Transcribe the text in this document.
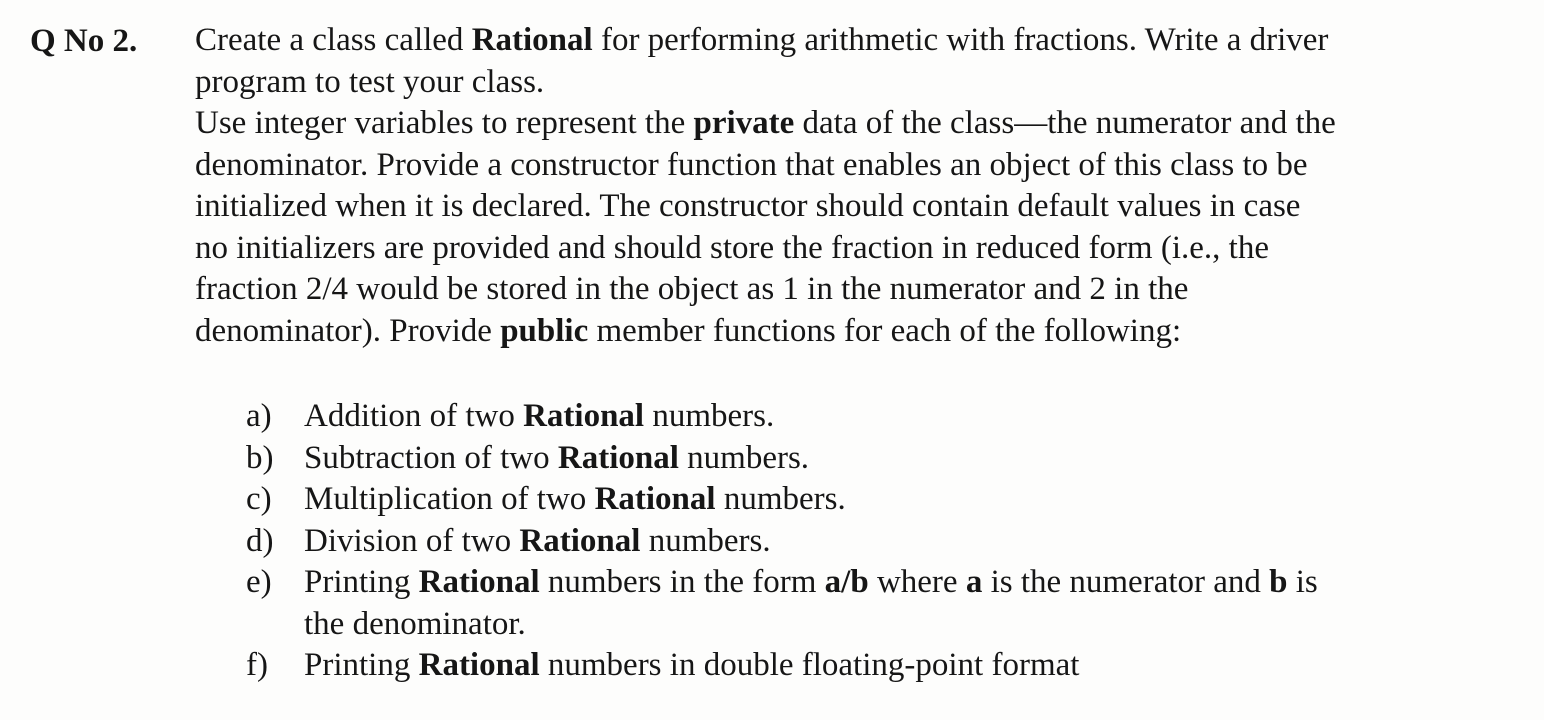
Q No 2. Create a class called Rational for performing arithmetic with fractions. Write a driver
program to test your class.
Use integer variables to represent the private data of the class—the numerator and the
denominator. Provide a constructor function that enables an object of this class to be
initialized when it is declared. The constructor should contain default values in case
no initializers are provided and should store the fraction in reduced form (i.e., the
fraction 2/4 would be stored in the object as 1 in the numerator and 2 in the
denominator). Provide public member functions for each of the following:
a) Addition of two Rational numbers.
b) Subtraction of two Rational numbers.
c) Multiplication of two Rational numbers.
d) Division of two Rational numbers.
e) Printing Rational numbers in the form a/b where a is the numerator and b is
the denominator.
f)	Printing Rational numbers in double floating-point format
